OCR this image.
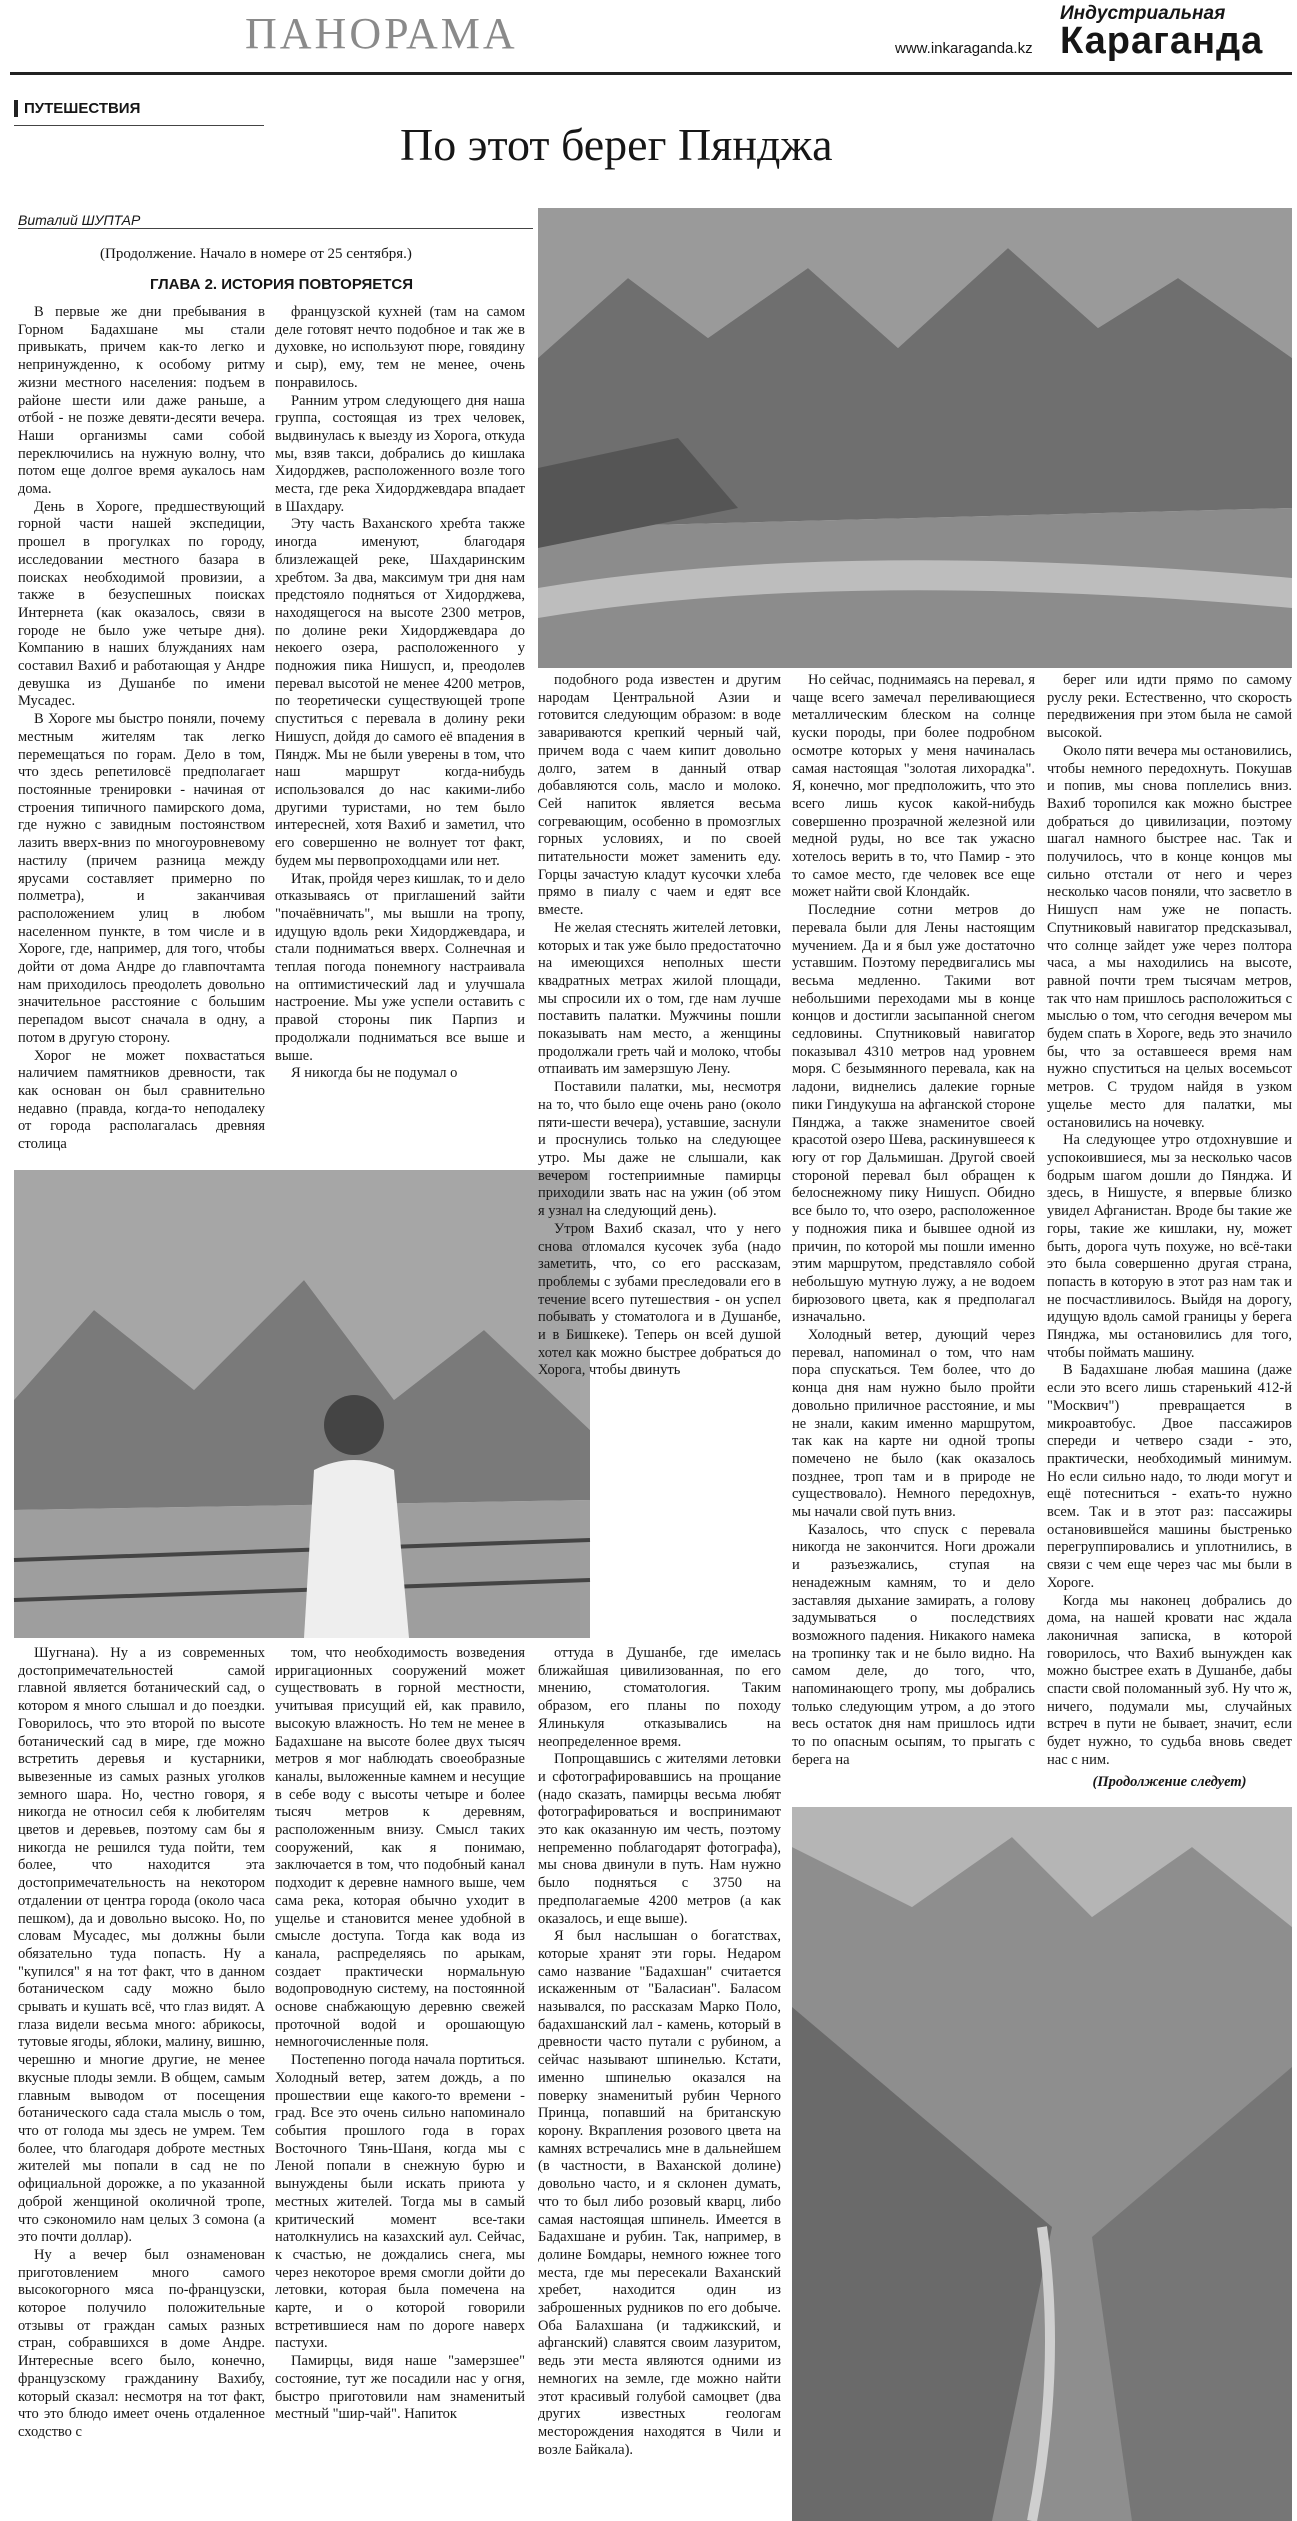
ПАНОРАМА	www.inkaraganda.kz
Индустриальная
Караганда
ПУТЕШЕСТВИЯ
По этот берег Пянджа
Виталий ШУПТАР
(Продолжение. Начало в номере от 25 сентября.)
ГЛАВА 2. ИСТОРИЯ ПОВТОРЯЕТСЯ

В первые же дни пребывания в Горном Бадахшане мы стали привыкать, причем как-то легко и непринужденно, к особому ритму жизни местного населения: подъем в районе шести или даже раньше, а отбой - не позже девяти-десяти вечера. Наши организмы сами собой переключились на нужную волну, что потом еще долгое время аукалось нам дома.

День в Хороге, предшествующий горной части нашей экспедиции, прошел в прогулках по городу, исследовании местного базара в поисках необходимой провизии, а также в безуспешных поисках Интернета (как оказалось, связи в городе не было уже четыре дня). Компанию в наших блужданиях нам составил Вахиб и работающая у Андре девушка из Душанбе по имени Мусадес.

В Хороге мы быстро поняли, почему местным жителям так легко перемещаться по горам. Дело в том, что здесь репетиловсё предполагает постоянные тренировки - начиная от строения типичного памирского дома, где нужно с завидным постоянством лазить вверх-вниз по многоуровневому настилу (причем разница между ярусами составляет примерно по полметра), и заканчивая расположением улиц в любом населенном пункте, в том числе и в Хороге, где, например, для того, чтобы дойти от дома Андре до главпочтамта нам приходилось преодолеть довольно значительное расстояние с большим перепадом высот сначала в одну, а потом в другую сторону.

Хорог не может похвастаться наличием памятников древности, так как основан он был сравнительно недавно (правда, когда-то неподалеку от города располагалась древняя столица

французской кухней (там на самом деле готовят нечто подобное и так же в духовке, но используют пюре, говядину и сыр), ему, тем не менее, очень понравилось.

Ранним утром следующего дня наша группа, состоящая из трех человек, выдвинулась к выезду из Хорога, откуда мы, взяв такси, добрались до кишлака Хидорджев, расположенного возле того места, где река Хидорджевдара впадает в Шахдару.

Эту часть Ваханского хребта также иногда именуют, благодаря близлежащей реке, Шахдаринским хребтом. За два, максимум три дня нам предстояло подняться от Хидорджева, находящегося на высоте 2300 метров, по долине реки Хидорджевдара до некоего озера, расположенного у подножия пика Нишусп, и, преодолев перевал высотой не менее 4200 метров, по теоретически существующей тропе спуститься с перевала в долину реки Нишусп, дойдя до самого её впадения в Пяндж. Мы не были уверены в том, что наш маршрут когда-нибудь использовался до нас какими-либо другими туристами, но тем было интересней, хотя Вахиб и заметил, что его совершенно не волнует тот факт, будем мы первопроходцами или нет.

Итак, пройдя через кишлак, то и дело отказываясь от приглашений зайти "почаёвничать", мы вышли на тропу, идущую вдоль реки Хидорджевдара, и стали подниматься вверх. Солнечная и теплая погода понемногу настраивала на оптимистический лад и улучшала настроение. Мы уже успели оставить с правой стороны пик Парпиз и продолжали подниматься все выше и выше.

Я никогда бы не подумал о

подобного рода известен и другим народам Центральной Азии и готовится следующим образом: в воде завариваются крепкий черный чай, причем вода с чаем кипит довольно долго, затем в данный отвар добавляются соль, масло и молоко. Сей напиток является весьма согревающим, особенно в промозглых горных условиях, и по своей питательности может заменить еду. Горцы зачастую кладут кусочки хлеба прямо в пиалу с чаем и едят все вместе.

Не желая стеснять жителей летовки, которых и так уже было предостаточно на имеющихся неполных шести квадратных метрах жилой площади, мы спросили их о том, где нам лучше поставить палатки. Мужчины пошли показывать нам место, а женщины продолжали греть чай и молоко, чтобы отпаивать им замерзшую Лену.

Поставили палатки, мы, несмотря на то, что было еще очень рано (около пяти-шести вечера), уставшие, заснули и проснулись только на следующее утро. Мы даже не слышали, как вечером гостеприимные памирцы приходили звать нас на ужин (об этом я узнал на следующий день).

Утром Вахиб сказал, что у него снова отломался кусочек зуба (надо заметить, что, со его рассказам, проблемы с зубами преследовали его в течение всего путешествия - он успел побывать у стоматолога и в Душанбе, и в Бишкеке). Теперь он всей душой хотел как можно быстрее добраться до Хорога, чтобы двинуть

Но сейчас, поднимаясь на перевал, я чаще всего замечал переливающиеся металлическим блеском на солнце куски породы, при более подробном осмотре которых у меня начиналась самая настоящая "золотая лихорадка". Я, конечно, мог предположить, что это всего лишь кусок какой-нибудь совершенно прозрачной железной или медной руды, но все так ужасно хотелось верить в то, что Памир - это то самое место, где человек все еще может найти свой Клондайк.

Последние сотни метров до перевала были для Лены настоящим мучением. Да и я был уже достаточно уставшим. Поэтому передвигались мы весьма медленно. Такими вот небольшими переходами мы в конце концов и достигли засыпанной снегом седловины. Спутниковый навигатор показывал 4310 метров над уровнем моря. С безымянного перевала, как на ладони, виднелись далекие горные пики Гиндукуша на афганской стороне Пянджа, а также знаменитое своей красотой озеро Шева, раскинувшееся к югу от гор Дальмишан. Другой своей стороной перевал был обращен к белоснежному пику Нишусп. Обидно все было то, что озеро, расположенное у подножия пика и бывшее одной из причин, по которой мы пошли именно этим маршрутом, представляло собой небольшую мутную лужу, а не водоем бирюзового цвета, как я предполагал изначально.

Холодный ветер, дующий через перевал, напоминал о том, что нам пора спускаться. Тем более, что до конца дня нам нужно было пройти довольно приличное расстояние, и мы не знали, каким именно маршрутом, так как на карте ни одной тропы помечено не было (как оказалось позднее, троп там и в природе не существовало). Немного передохнув, мы начали свой путь вниз.

Казалось, что спуск с перевала никогда не закончится. Ноги дрожали и разъезжались, ступая на ненадежным камням, то и дело заставляя дыхание замирать, а голову задумываться о последствиях возможного падения. Никакого намека на тропинку так и не было видно. На самом деле, до того, что, напоминающего тропу, мы добрались только следующим утром, а до этого весь остаток дня нам пришлось идти то по опасным осыпям, то прыгать с берега на

берег или идти прямо по самому руслу реки. Естественно, что скорость передвижения при этом была не самой высокой.

Около пяти вечера мы остановились, чтобы немного передохнуть. Покушав и попив, мы снова поплелись вниз. Вахиб торопился как можно быстрее добраться до цивилизации, поэтому шагал намного быстрее нас. Так и получилось, что в конце концов мы сильно отстали от него и через несколько часов поняли, что засветло в Нишусп нам уже не попасть. Спутниковый навигатор предсказывал, что солнце зайдет уже через полтора часа, а мы находились на высоте, равной почти трем тысячам метров, так что нам пришлось расположиться с мыслью о том, что сегодня вечером мы будем спать в Хороге, ведь это значило бы, что за оставшееся время нам нужно спуститься на целых восемьсот метров. С трудом найдя в узком ущелье место для палатки, мы остановились на ночевку.

На следующее утро отдохнувшие и успокоившиеся, мы за несколько часов бодрым шагом дошли до Пянджа. И здесь, в Нишусте, я впервые близко увидел Афганистан. Вроде бы такие же горы, такие же кишлаки, ну, может быть, дорога чуть похуже, но всё-таки это была совершенно другая страна, попасть в которую в этот раз нам так и не посчастливилось. Выйдя на дорогу, идущую вдоль самой границы у берега Пянджа, мы остановились для того, чтобы поймать машину.

В Бадахшане любая машина (даже если это всего лишь старенький 412-й "Москвич") превращается в микроавтобус. Двое пассажиров спереди и четверо сзади - это, практически, необходимый минимум. Но если сильно надо, то люди могут и ещё потесниться - ехать-то нужно всем. Так и в этот раз: пассажиры остановившейся машины быстренько перегруппировались и уплотнились, в связи с чем еще через час мы были в Хороге.

Когда мы наконец добрались до дома, на нашей кровати нас ждала лаконичная записка, в которой говорилось, что Вахиб вынужден как можно быстрее ехать в Душанбе, дабы спасти свой поломанный зуб. Ну что ж, ничего, подумали мы, случайных встреч в пути не бывает, значит, если будет нужно, то судьба вновь сведет нас с ним.

(Продолжение следует)

Шугнана). Ну а из современных достопримечательностей самой главной является ботанический сад, о котором я много слышал и до поездки. Говорилось, что это второй по высоте ботанический сад в мире, где можно встретить деревья и кустарники, вывезенные из самых разных уголков земного шара. Но, честно говоря, я никогда не относил себя к любителям цветов и деревьев, поэтому сам бы я никогда не решился туда пойти, тем более, что находится эта достопримечательность на некотором отдалении от центра города (около часа пешком), да и довольно высоко. Но, по словам Мусадес, мы должны были обязательно туда попасть. Ну а "купился" я на тот факт, что в данном ботаническом саду можно было срывать и кушать всё, что глаз видят. А глаза видели весьма много: абрикосы, тутовые ягоды, яблоки, малину, вишню, черешню и многие другие, не менее вкусные плоды земли. В общем, самым главным выводом от посещения ботанического сада стала мысль о том, что от голода мы здесь не умрем. Тем более, что благодаря доброте местных жителей мы попали в сад не по официальной дорожке, а по указанной доброй женщиной околичной тропе, что сэкономило нам целых 3 сомона (а это почти доллар).

Ну а вечер был ознаменован приготовлением много самого высокогорного мяса по-французски, которое получило положительные отзывы от граждан самых разных стран, собравшихся в доме Андре. Интересные всего было, конечно, французскому гражданину Вахибу, который сказал: несмотря на тот факт, что это блюдо имеет очень отдаленное сходство с

том, что необходимость возведения ирригационных сооружений может существовать в горной местности, учитывая присущий ей, как правило, высокую влажность. Но тем не менее в Бадахшане на высоте более двух тысяч метров я мог наблюдать своеобразные каналы, выложенные камнем и несущие в себе воду с высоты четыре и более тысяч метров к деревням, расположенным внизу. Смысл таких сооружений, как я понимаю, заключается в том, что подобный канал подходит к деревне намного выше, чем сама река, которая обычно уходит в ущелье и становится менее удобной в смысле доступа. Тогда как вода из канала, распределяясь по арыкам, создает практически нормальную водопроводную систему, на постоянной основе снабжающую деревню свежей проточной водой и орошающую немногочисленные поля.

Постепенно погода начала портиться. Холодный ветер, затем дождь, а по прошествии еще какого-то времени - град. Все это очень сильно напоминало события прошлого года в горах Восточного Тянь-Шаня, когда мы с Леной попали в снежную бурю и вынуждены были искать приюта у местных жителей. Тогда мы в самый критический момент все-таки натолкнулись на казахский аул. Сейчас, к счастью, не дождались снега, мы через некоторое время смогли дойти до летовки, которая была помечена на карте, и о которой говорили встретившиеся нам по дороге наверх пастухи.

Памирцы, видя наше "замерзшее" состояние, тут же посадили нас у огня, быстро приготовили нам знаменитый местный "шир-чай". Напиток

оттуда в Душанбе, где имелась ближайшая цивилизованная, по его мнению, стоматология. Таким образом, его планы по походу Ялинькуля отказывались на неопределенное время.

Попрощавшись с жителями летовки и сфотографировавшись на прощание (надо сказать, памирцы весьма любят фотографироваться и воспринимают это как оказанную им честь, поэтому непременно поблагодарят фотографа), мы снова двинули в путь. Нам нужно было подняться с 3750 на предполагаемые 4200 метров (а как оказалось, и еще выше).

Я был наслышан о богатствах, которые хранят эти горы. Недаром само название "Бадахшан" считается искаженным от "Баласиан". Баласом назывался, по рассказам Марко Поло, бадахшанский лал - камень, который в древности часто путали с рубином, а сейчас называют шпинелью. Кстати, именно шпинелью оказался на поверку знаменитый рубин Черного Принца, попавший на британскую корону. Вкрапления розового цвета на камнях встречались мне в дальнейшем (в частности, в Ваханской долине) довольно часто, и я склонен думать, что то был либо розовый кварц, либо самая настоящая шпинель. Имеется в Бадахшане и рубин. Так, например, в долине Бомдары, немного южнее того места, где мы пересекали Ваханский хребет, находится один из заброшенных рудников по его добыче. Оба Балахшана (и таджикский, и афганский) славятся своим лазуритом, ведь эти места являются одними из немногих на земле, где можно найти этот красивый голубой самоцвет (два других известных геологам месторождения находятся в Чили и возле Байкала).
